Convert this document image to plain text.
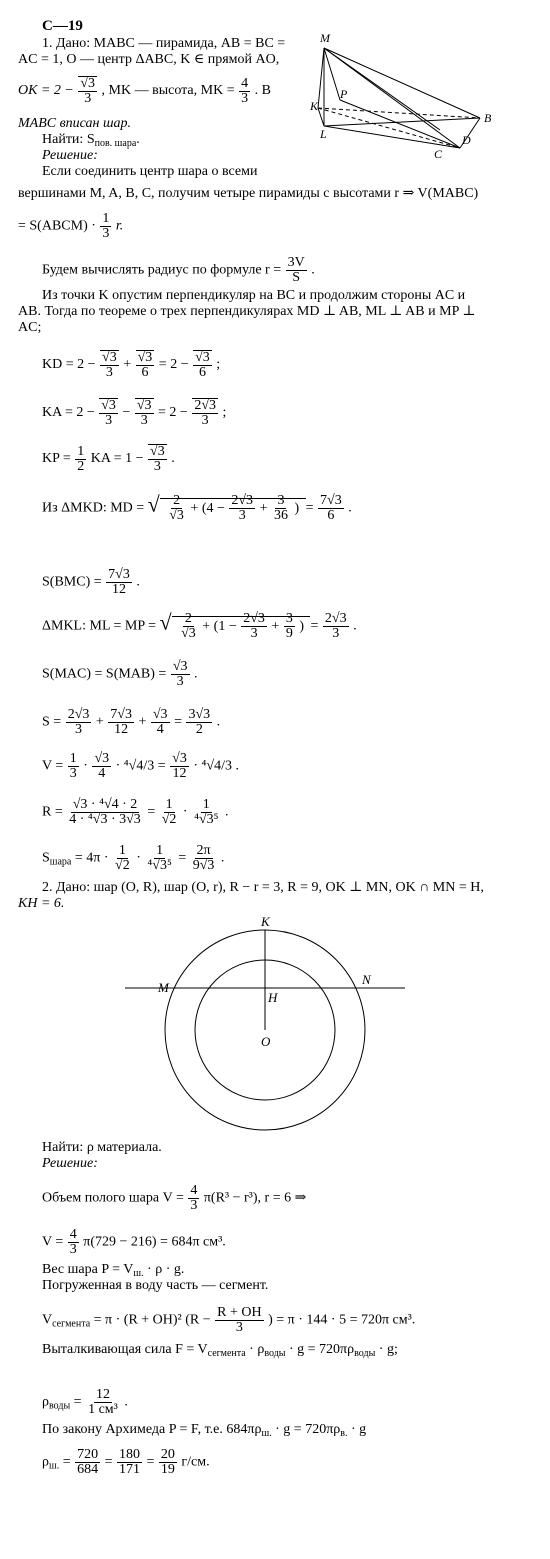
С—19
1. Дано: MABC — пирамида, AB = BC =
AC = 1, O — центр ΔABC, K ∈ прямой AO,
OK = $2 - \frac{√3}{3}$ , MK — высота, MK = $\frac{4}{3}$ . В
MABC вписан шар.
Найти: $S_{пов. шара}$.
Решение:
Если соединить центр шара о всеми
вершинами M, A, B, C, получим четыре пирамиды с высотами r ⇒ V(MABC)
= S(ABCM) · $\frac{1}{3} r$.
Будем вычислять радиус по формуле $r = \frac{3V}{S}$ .
Из точки K опустим перпендикуляр на BC и продолжим стороны AC и
AB. Тогда по теореме о трех перпендикулярах MD ⊥ AB, ML ⊥ AB и MP ⊥
AC;
KD = $2 - \frac{√3}{3} + \frac{√3}{6} = 2 - \frac{√3}{6}$ ;
KA = $2 - \frac{√3}{3} - \frac{√3}{3} = 2 - \frac{2√3}{3}$ ;
KP = $\frac{1}{2}$ KA = $1 - \frac{√3}{3}$ .
Из ΔMKD: MD = √ $\frac{2}{√3} + (4 - \frac{2√3}{3} + \frac{3}{36}$ ) = $\frac{7√3}{6}$ .
$S(BMC) = \frac{7√3}{12}$ .
ΔMKL: ML = MP = √ $\frac{2}{√3} + (1 - \frac{2√3}{3} + \frac{3}{9}$ ) = $\frac{2√3}{3}$ .
$S(MAC) = S(MAB) = \frac{√3}{3}$ .
$S = \frac{2√3}{3} + \frac{7√3}{12} + \frac{√3}{4} = \frac{3√3}{2}$ .
$V = \frac{1}{3} \cdot \frac{√3}{4} \cdot ^4√4/3 = \frac{√3}{12} \cdot ^4√4/3$ .
$R = \frac{\text{√3 · ⁴√4 · 2}}{\text{4 · ⁴√3 · 3√3}} = \frac{1}{√2} \cdot \frac{1}{\text{⁴√3⁵}}$ .
$S_{шара} = 4\pi \cdot \frac{1}{√2} \cdot \frac{1}{\text{⁴√3⁵}} = \frac{2\pi}{9√3}$ .
2. Дано: шар (O, R), шар (O, r), R − r = 3, R = 9, OK ⊥ MN, OK ∩ MN = H,
KH = 6.
Найти: ρ материала.
Решение:
Объем полого шара $V = \frac{4}{3} \pi(R^3 - r^3)$, r = 6 ⇒
$V = \frac{4}{3} \pi(729 - 216) = 684\pi$ см³.
Вес шара $P = V_{ш.} \cdot \rho \cdot g$.
Погруженная в воду часть — сегмент.
$V_{сегмента} = \pi \cdot (R + OH)^2$ ($R - \frac{R + OH}{3}$ ) = π · 144 · 5 = 720π см³.
Выталкивающая сила $F = V_{сегмента} \cdot \rho_{воды} \cdot g = 720\pi\rho_{воды} \cdot g$;
$\rho_{воды} = \frac{12}{\text{1 см³}}$ .
По закону Архимеда P = F, т.е. $684\pi\rho_{ш.} \cdot g = 720\pi\rho_{в.} \cdot g$
$\rho_{ш.} = \frac{720}{684} = \frac{180}{171} = \frac{20}{19} г/см$.
M
K
P
L
B
D
C
K
M
N
H
O
